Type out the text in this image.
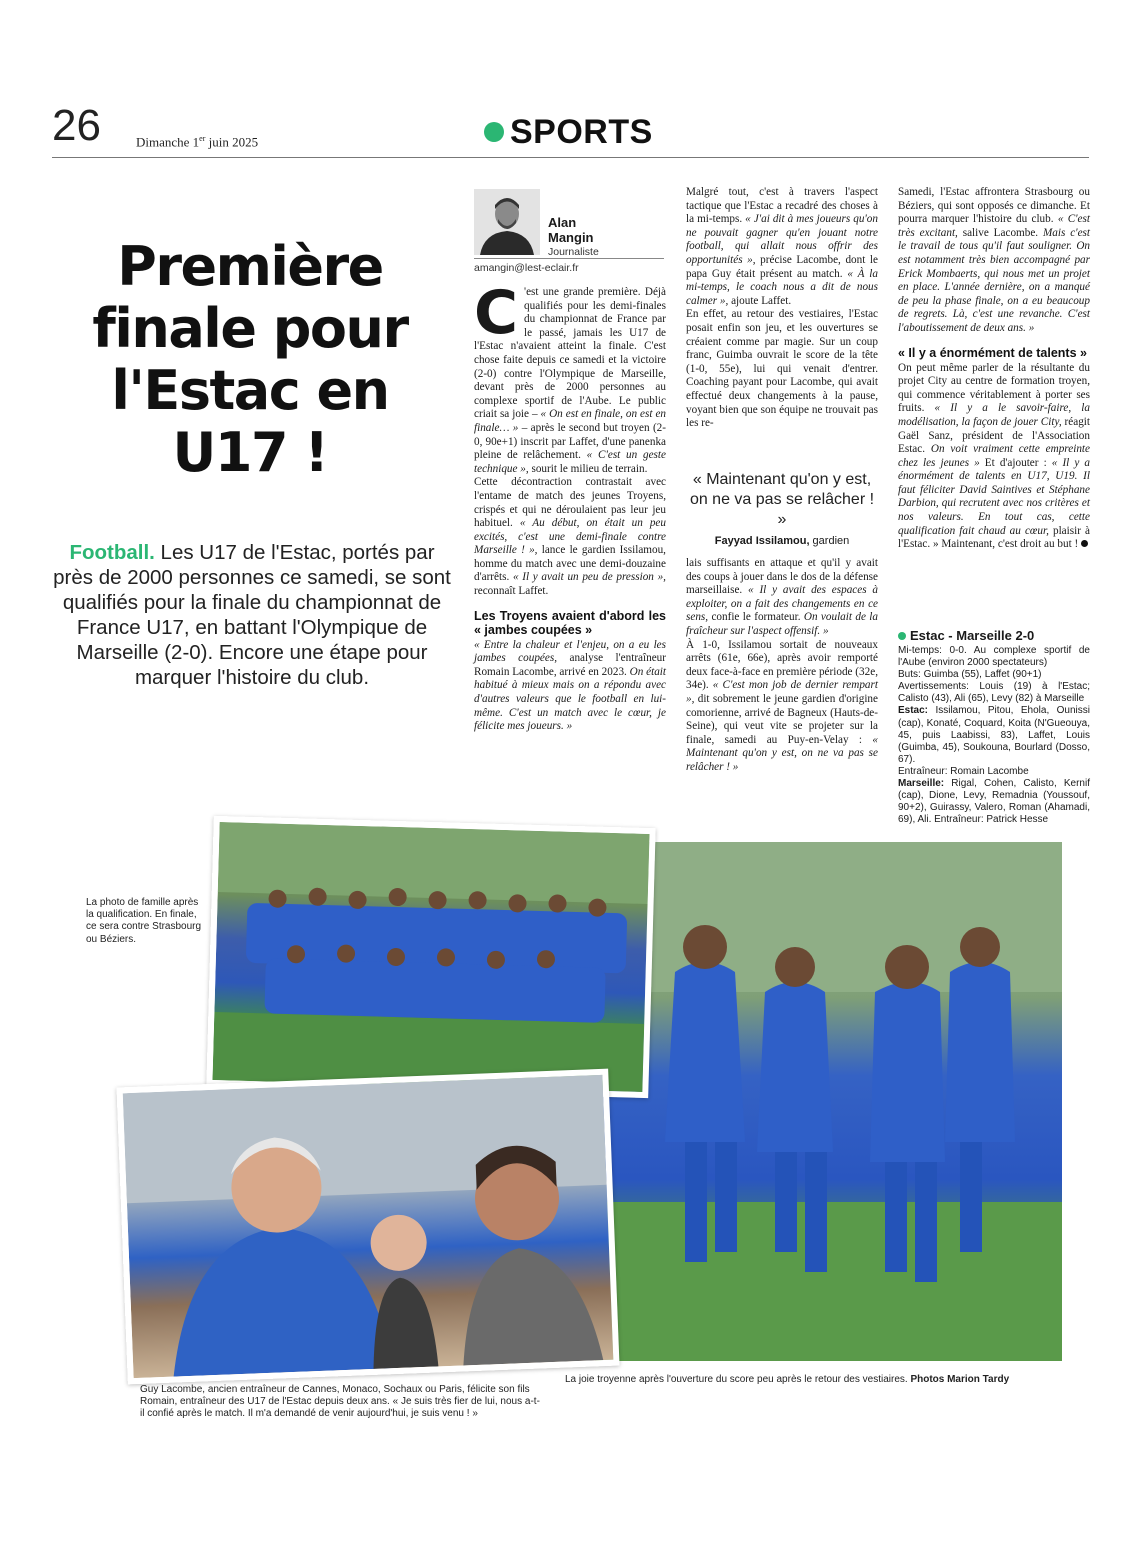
26	Dimanche 1er juin 2025	SPORTS
Première
finale pour
l'Estac en
U17 !
Football. Les U17 de l'Estac, portés par près de 2000 personnes ce samedi, se sont qualifiés pour la finale du championnat de France U17, en battant l'Olympique de Marseille (2-0). Encore une étape pour marquer l'histoire du club.
Alan
Mangin
Journaliste
amangin@lest-eclair.fr

C 'est une grande première. Déjà qualifiés pour les demi-finales du championnat de France par le passé, jamais les U17 de l'Estac n'avaient atteint la finale. C'est chose faite depuis ce samedi et la victoire (2-0) contre l'Olympique de Marseille, devant près de 2000 personnes au complexe sportif de l'Aube. Le public criait sa joie – « On est en finale, on est en finale… » – après le second but troyen (2-0, 90e+1) inscrit par Laffet, d'une panenka pleine de relâchement. « C'est un geste technique », sourit le milieu de terrain.

Cette décontraction contrastait avec l'entame de match des jeunes Troyens, crispés et qui ne déroulaient pas leur jeu habituel. « Au début, on était un peu excités, c'est une demi-finale contre Marseille ! », lance le gardien Issilamou, homme du match avec une demi-douzaine d'arrêts. « Il y avait un peu de pression », reconnaît Laffet.

Les Troyens avaient d'abord les « jambes coupées »

« Entre la chaleur et l'enjeu, on a eu les jambes coupées, analyse l'entraîneur Romain Lacombe, arrivé en 2023. On était habitué à mieux mais on a répondu avec d'autres valeurs que le football en lui-même. C'est un match avec le cœur, je félicite mes joueurs. »

Malgré tout, c'est à travers l'aspect tactique que l'Estac a recadré des choses à la mi-temps. « J'ai dit à mes joueurs qu'on ne pouvait gagner qu'en jouant notre football, qui allait nous offrir des opportunités », précise Lacombe, dont le papa Guy était présent au match. « À la mi-temps, le coach nous a dit de nous calmer », ajoute Laffet.

En effet, au retour des vestiaires, l'Estac posait enfin son jeu, et les ouvertures se créaient comme par magie. Sur un coup franc, Guimba ouvrait le score de la tête (1-0, 55e), lui qui venait d'entrer. Coaching payant pour Lacombe, qui avait effectué deux changements à la pause, voyant bien que son équipe ne trouvait pas les re-

« Maintenant qu'on y est, on ne va pas se relâcher ! »
Fayyad Issilamou, gardien

lais suffisants en attaque et qu'il y avait des coups à jouer dans le dos de la défense marseillaise. « Il y avait des espaces à exploiter, on a fait des changements en ce sens, confie le formateur. On voulait de la fraîcheur sur l'aspect offensif. »

À 1-0, Issilamou sortait de nouveaux arrêts (61e, 66e), après avoir remporté deux face-à-face en première période (32e, 34e). « C'est mon job de dernier rempart », dit sobrement le jeune gardien d'origine comorienne, arrivé de Bagneux (Hauts-de-Seine), qui veut vite se projeter sur la finale, samedi au Puy-en-Velay : « Maintenant qu'on y est, on ne va pas se relâcher ! »

Samedi, l'Estac affrontera Strasbourg ou Béziers, qui sont opposés ce dimanche. Et pourra marquer l'histoire du club. « C'est très excitant, salive Lacombe. Mais c'est le travail de tous qu'il faut souligner. On est notamment très bien accompagné par Erick Mombaerts, qui nous met un projet en place. L'année dernière, on a manqué de peu la phase finale, on a eu beaucoup de regrets. Là, c'est une revanche. C'est l'aboutissement de deux ans. »

« Il y a énormément de talents »

On peut même parler de la résultante du projet City au centre de formation troyen, qui commence véritablement à porter ses fruits. « Il y a le savoir-faire, la modélisation, la façon de jouer City, réagit Gaël Sanz, président de l'Association Estac. On voit vraiment cette empreinte chez les jeunes » Et d'ajouter : « Il y a énormément de talents en U17, U19. Il faut féliciter David Saintives et Stéphane Darbion, qui recrutent avec nos critères et nos valeurs. En tout cas, cette qualification fait chaud au cœur, plaisir à l'Estac. » Maintenant, c'est droit au but !

Estac - Marseille 2-0
Mi-temps: 0-0. Au complexe sportif de l'Aube (environ 2000 spectateurs)
Buts: Guimba (55), Laffet (90+1)
Avertissements: Louis (19) à l'Estac; Calisto (43), Ali (65), Levy (82) à Marseille
Estac: Issilamou, Pitou, Ehola, Ounissi (cap), Konaté, Coquard, Koita (N'Gueouya, 45, puis Laabissi, 83), Laffet, Louis (Guimba, 45), Soukouna, Bourlard (Dosso, 67).
Entraîneur: Romain Lacombe
Marseille: Rigal, Cohen, Calisto, Kernif (cap), Dione, Levy, Remadnia (Youssouf, 90+2), Guirassy, Valero, Roman (Ahamadi, 69), Ali. Entraîneur: Patrick Hesse
La photo de famille après la qualification. En finale, ce sera contre Strasbourg ou Béziers.
La joie troyenne après l'ouverture du score peu après le retour des vestiaires. Photos Marion Tardy
Guy Lacombe, ancien entraîneur de Cannes, Monaco, Sochaux ou Paris, félicite son fils Romain, entraîneur des U17 de l'Estac depuis deux ans. « Je suis très fier de lui, nous a-t-il confié après le match. Il m'a demandé de venir aujourd'hui, je suis venu ! »
